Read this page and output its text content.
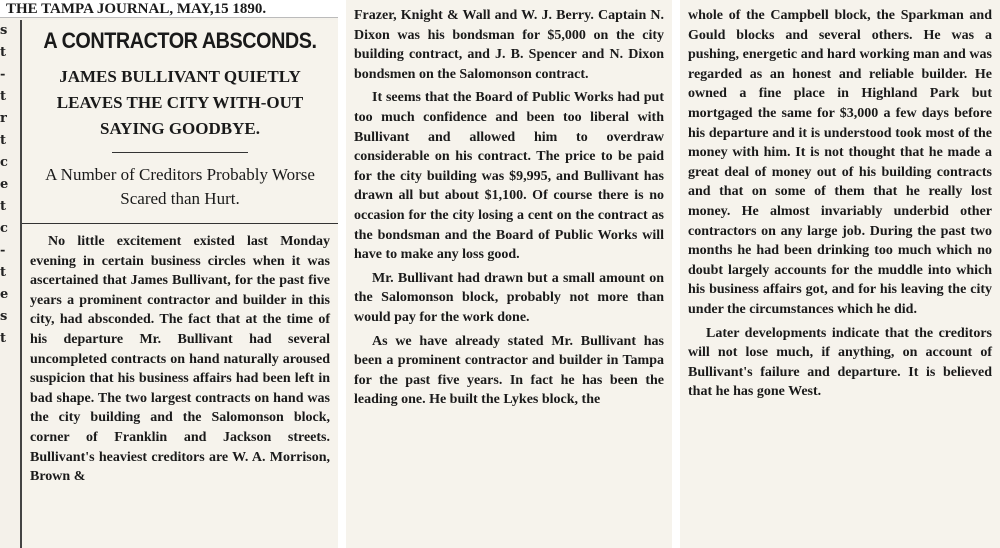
THE TAMPA JOURNAL, MAY,15 1890.
s
t
-
t
r
t
c
e
t
c
-
t
e
s
t
A CONTRACTOR ABSCONDS.
JAMES BULLIVANT QUIETLY LEAVES THE CITY WITH-OUT SAYING GOODBYE.
A Number of Creditors Probably Worse Scared than Hurt.

No little excitement existed last Monday evening in certain business circles when it was ascertained that James Bullivant, for the past five years a prominent contractor and builder in this city, had absconded. The fact that at the time of his departure Mr. Bullivant had several uncompleted contracts on hand naturally aroused suspicion that his business affairs had been left in bad shape. The two largest contracts on hand was the city building and the Salomonson block, corner of Franklin and Jackson streets. Bullivant's heaviest creditors are W. A. Morrison, Brown &

Frazer, Knight & Wall and W. J. Berry. Captain N. Dixon was his bondsman for $5,000 on the city building contract, and J. B. Spencer and N. Dixon bondsmen on the Salomonson contract.

It seems that the Board of Public Works had put too much confidence and been too liberal with Bullivant and allowed him to overdraw considerable on his contract. The price to be paid for the city building was $9,995, and Bullivant has drawn all but about $1,100. Of course there is no occasion for the city losing a cent on the contract as the bondsman and the Board of Public Works will have to make any loss good.

Mr. Bullivant had drawn but a small amount on the Salomonson block, probably not more than would pay for the work done.

As we have already stated Mr. Bullivant has been a prominent contractor and builder in Tampa for the past five years. In fact he has been the leading one. He built the Lykes block, the

whole of the Campbell block, the Sparkman and Gould blocks and several others. He was a pushing, energetic and hard working man and was regarded as an honest and reliable builder. He owned a fine place in Highland Park but mortgaged the same for $3,000 a few days before his departure and it is understood took most of the money with him. It is not thought that he made a great deal of money out of his building contracts and that on some of them that he really lost money. He almost invariably underbid other contractors on any large job. During the past two months he had been drinking too much which no doubt largely accounts for the muddle into which his business affairs got, and for his leaving the city under the circumstances which he did.

Later developments indicate that the creditors will not lose much, if anything, on account of Bullivant's failure and departure. It is believed that he has gone West.
